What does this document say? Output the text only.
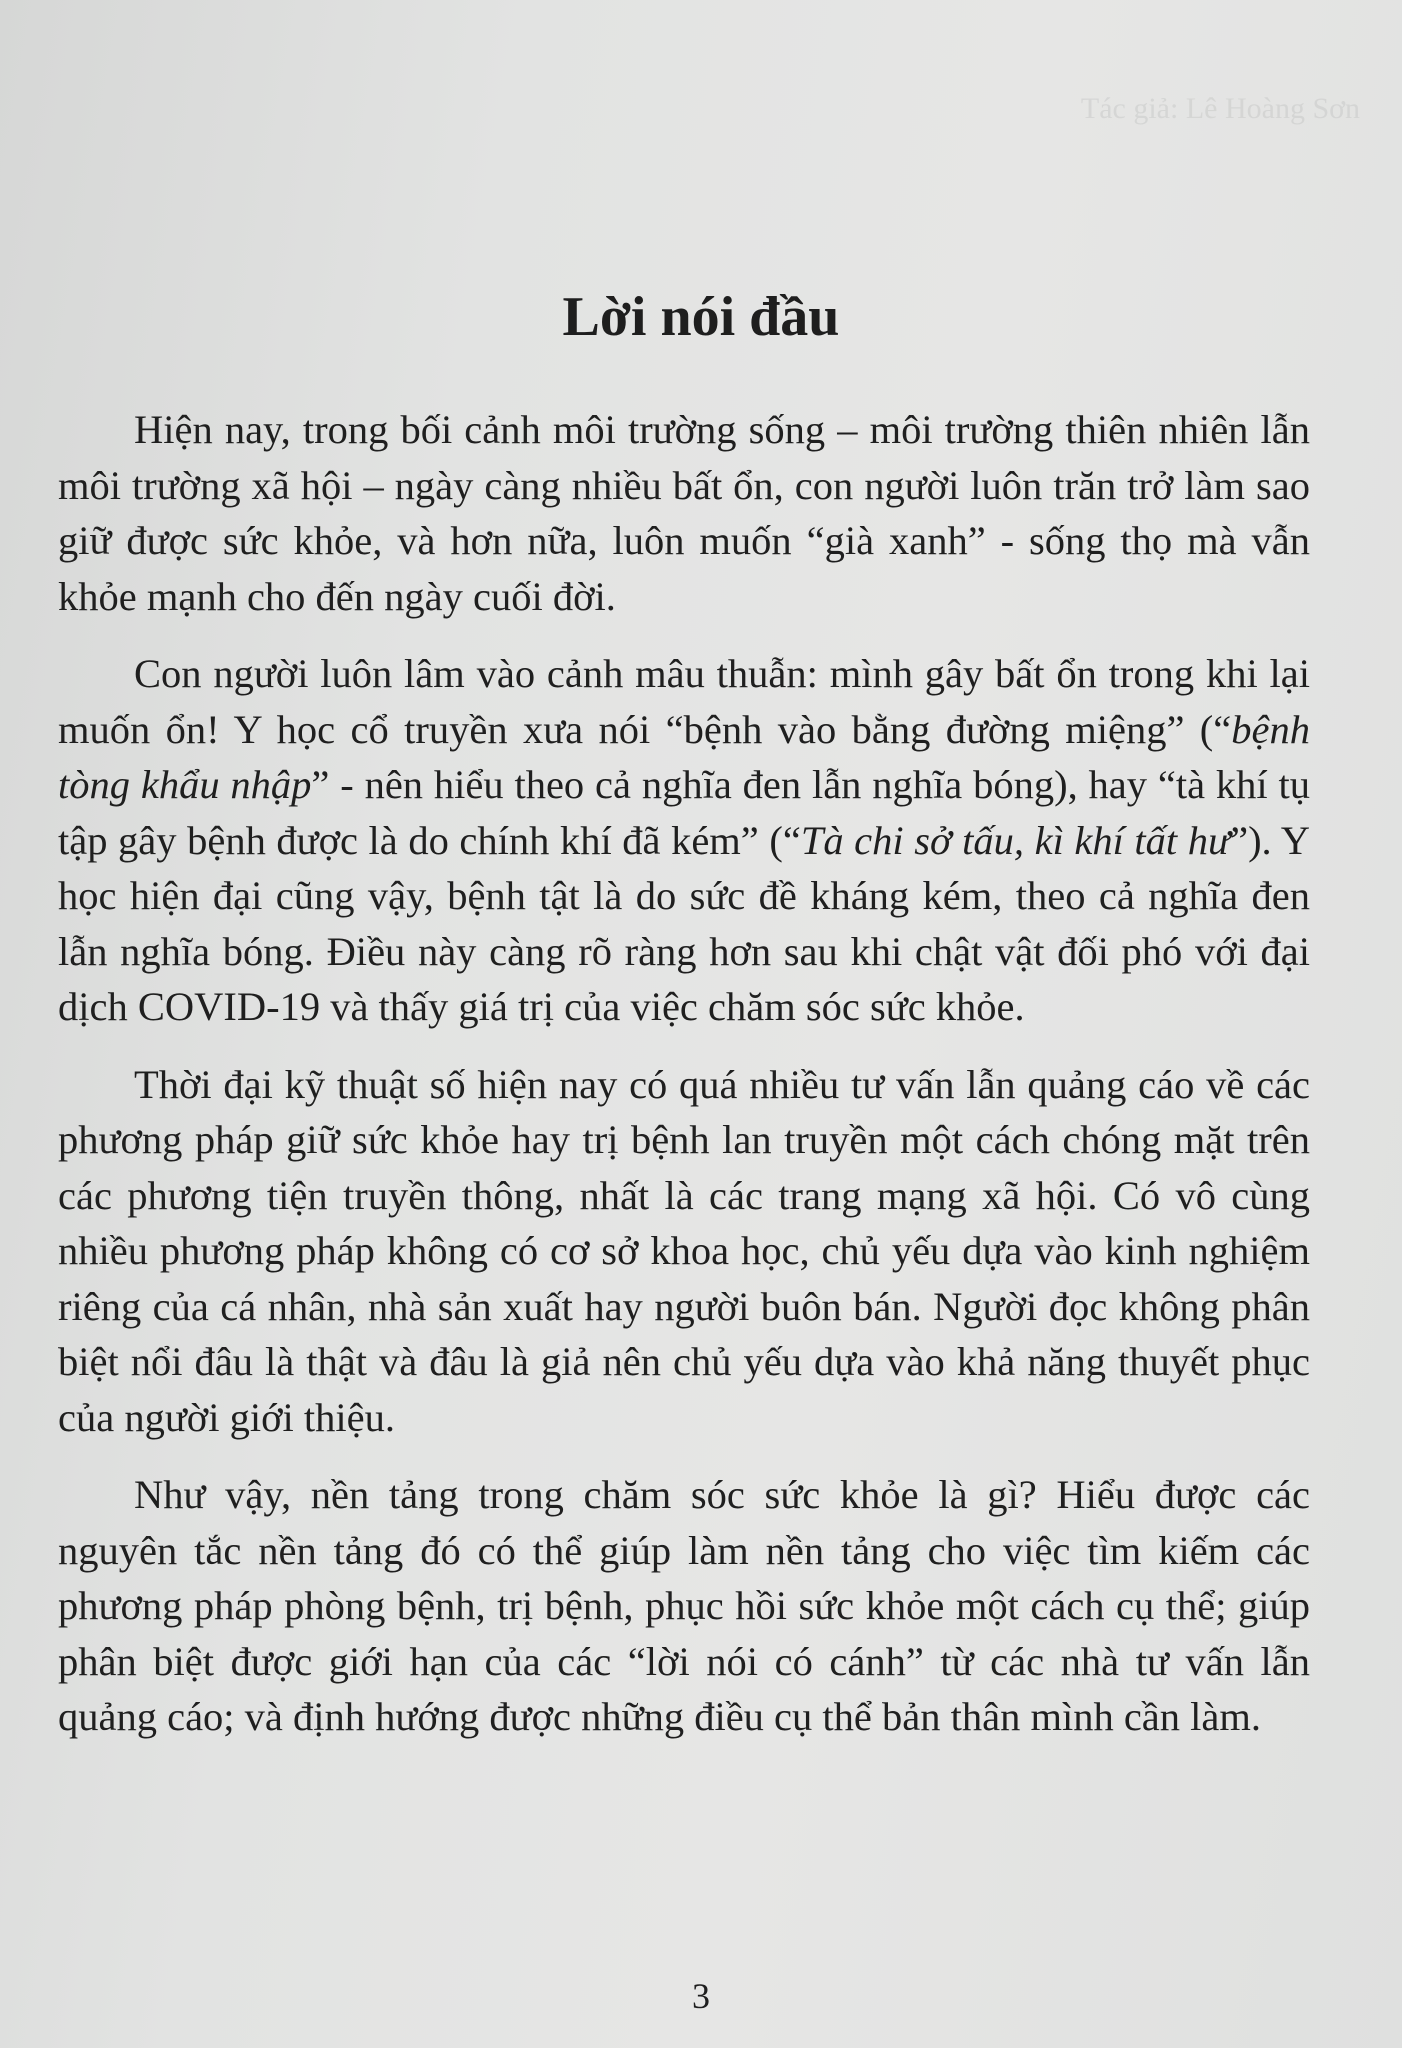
Tác giả: Lê Hoàng Sơn

Lời nói đầu

Hiện nay, trong bối cảnh môi trường sống – môi trường thiên nhiên lẫn môi trường xã hội – ngày càng nhiều bất ổn, con người luôn trăn trở làm sao giữ được sức khỏe, và hơn nữa, luôn muốn “già xanh” - sống thọ mà vẫn khỏe mạnh cho đến ngày cuối đời.

Con người luôn lâm vào cảnh mâu thuẫn: mình gây bất ổn trong khi lại muốn ổn! Y học cổ truyền xưa nói “bệnh vào bằng đường miệng” (“bệnh tòng khẩu nhập” - nên hiểu theo cả nghĩa đen lẫn nghĩa bóng), hay “tà khí tụ tập gây bệnh được là do chính khí đã kém” (“Tà chi sở tấu, kì khí tất hư”). Y học hiện đại cũng vậy, bệnh tật là do sức đề kháng kém, theo cả nghĩa đen lẫn nghĩa bóng. Điều này càng rõ ràng hơn sau khi chật vật đối phó với đại dịch COVID-19 và thấy giá trị của việc chăm sóc sức khỏe.

Thời đại kỹ thuật số hiện nay có quá nhiều tư vấn lẫn quảng cáo về các phương pháp giữ sức khỏe hay trị bệnh lan truyền một cách chóng mặt trên các phương tiện truyền thông, nhất là các trang mạng xã hội. Có vô cùng nhiều phương pháp không có cơ sở khoa học, chủ yếu dựa vào kinh nghiệm riêng của cá nhân, nhà sản xuất hay người buôn bán. Người đọc không phân biệt nổi đâu là thật và đâu là giả nên chủ yếu dựa vào khả năng thuyết phục của người giới thiệu.

Như vậy, nền tảng trong chăm sóc sức khỏe là gì? Hiểu được các nguyên tắc nền tảng đó có thể giúp làm nền tảng cho việc tìm kiếm các phương pháp phòng bệnh, trị bệnh, phục hồi sức khỏe một cách cụ thể; giúp phân biệt được giới hạn của các “lời nói có cánh” từ các nhà tư vấn lẫn quảng cáo; và định hướng được những điều cụ thể bản thân mình cần làm.

3
